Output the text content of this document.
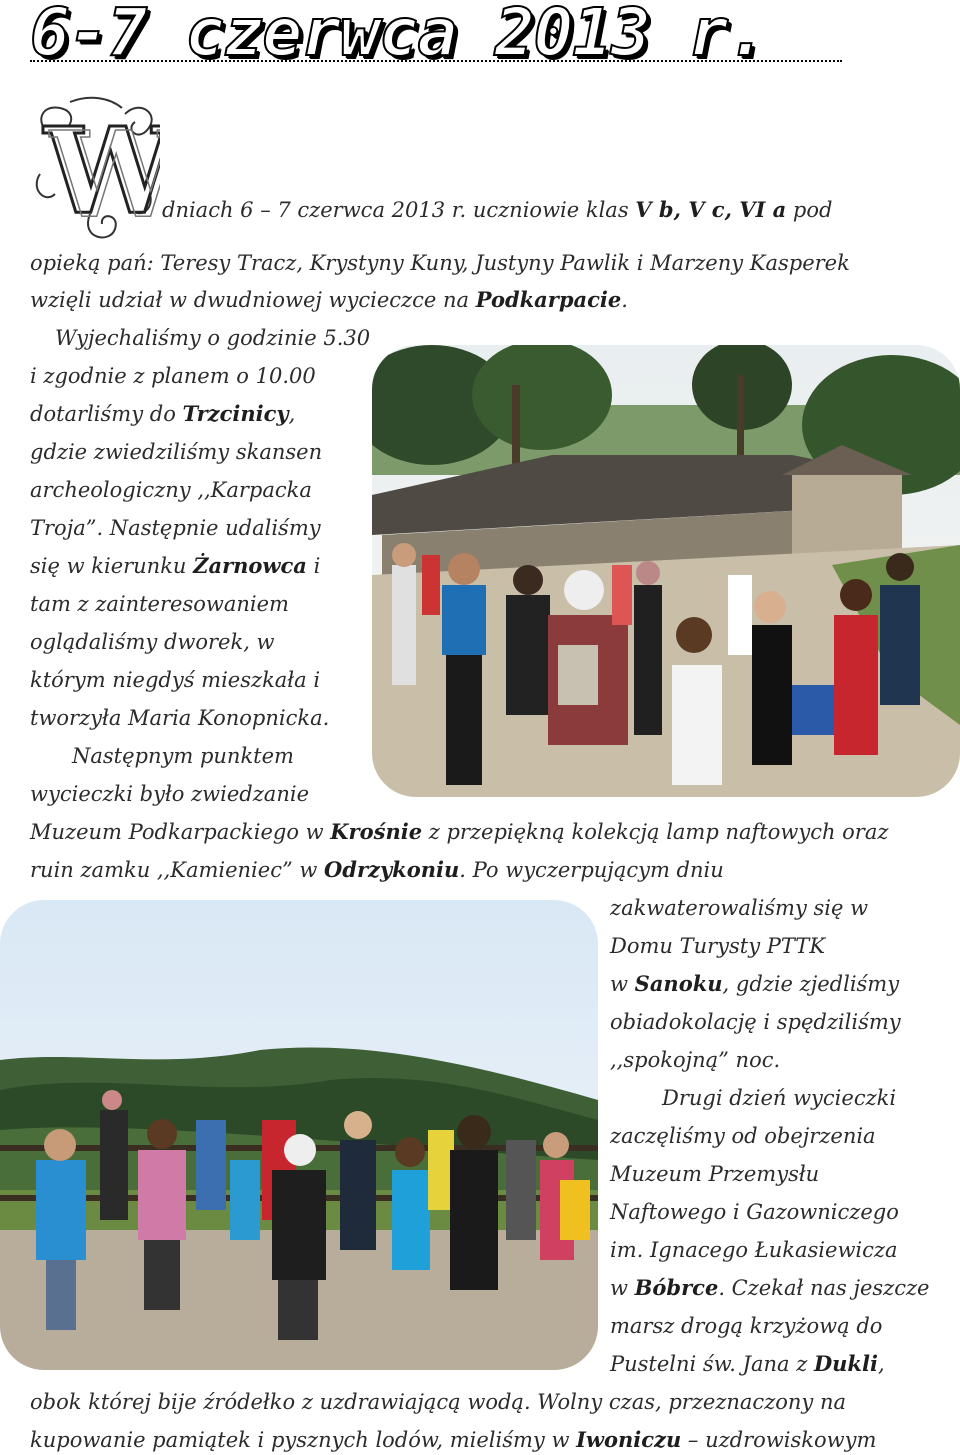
6-7 czerwca 2013 r.
W
W

dniach 6 – 7 czerwca 2013 r. uczniowie klas V b, V c, VI a pod

opieką pań: Teresy Tracz, Krystyny Kuny, Justyny Pawlik i Marzeny Kasperek

wzięli udział w dwudniowej wycieczce na Podkarpacie.

Wyjechaliśmy o godzinie 5.30

i zgodnie z planem o 10.00

dotarliśmy do Trzcinicy,

gdzie zwiedziliśmy skansen

archeologiczny ,,Karpacka

Troja”. Następnie udaliśmy

się w kierunku Żarnowca i

tam z zainteresowaniem

oglądaliśmy dworek, w

którym niegdyś mieszkała i

tworzyła Maria Konopnicka.

Następnym punktem

wycieczki było zwiedzanie

Muzeum Podkarpackiego w Krośnie z przepiękną kolekcją lamp naftowych oraz

ruin zamku ,,Kamieniec” w Odrzykoniu. Po wyczerpującym dniu

zakwaterowaliśmy się w

Domu Turysty PTTK

w Sanoku, gdzie zjedliśmy

obiadokolację i spędziliśmy

,,spokojną” noc.

Drugi dzień wycieczki

zaczęliśmy od obejrzenia

Muzeum Przemysłu

Naftowego i Gazowniczego

im. Ignacego Łukasiewicza

w Bóbrce. Czekał nas jeszcze

marsz drogą krzyżową do

Pustelni św. Jana z Dukli,

obok której bije źródełko z uzdrawiającą wodą. Wolny czas, przeznaczony na

kupowanie pamiątek i pysznych lodów, mieliśmy w Iwoniczu – uzdrowiskowym
